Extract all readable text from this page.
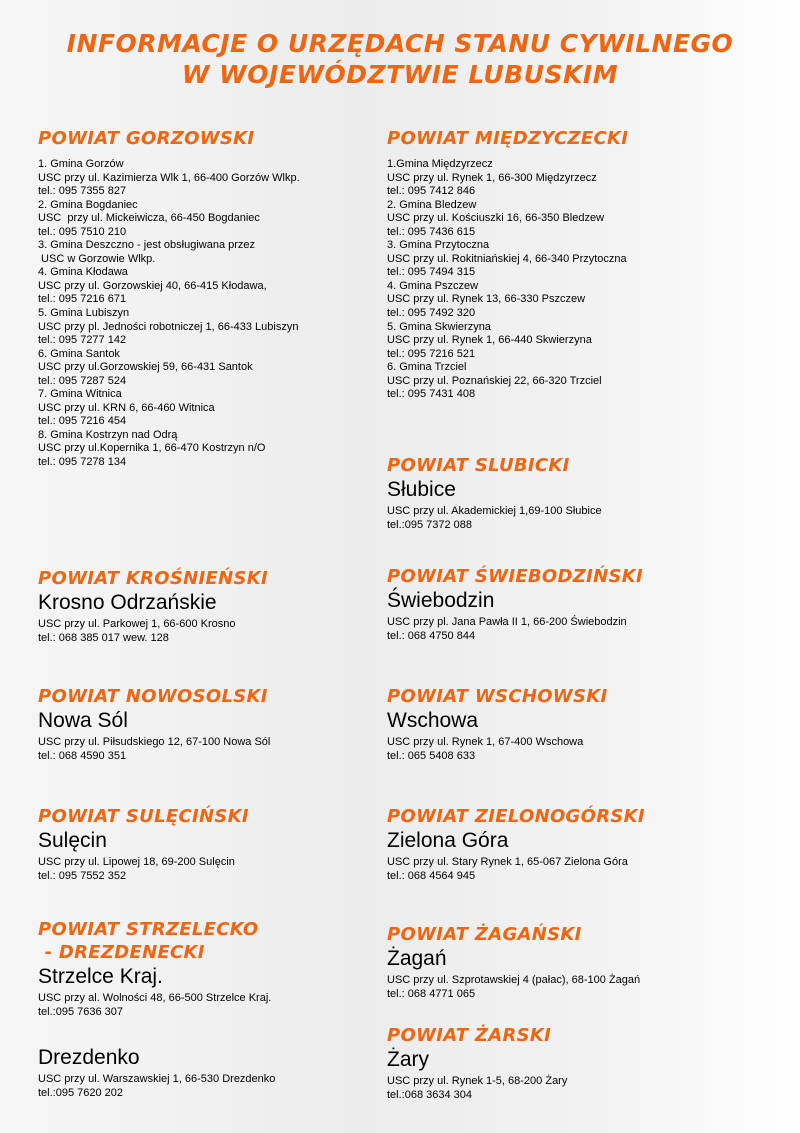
INFORMACJE O URZĘDACH STANU CYWILNEGO
W WOJEWÓDZTWIE LUBUSKIM
POWIAT GORZOWSKI
1. Gmina Gorzów
USC przy ul. Kazimierza Wlk 1, 66-400 Gorzów Wlkp.
tel.: 095 7355 827
2. Gmina Bogdaniec
USC  przy ul. Mickeiwicza, 66-450 Bogdaniec
tel.: 095 7510 210
3. Gmina Deszczno - jest obsługiwana przez
USC w Gorzowie Wlkp.
4. Gmina Kłodawa
USC przy ul. Gorzowskiej 40, 66-415 Kłodawa,
tel.: 095 7216 671
5. Gmina Lubiszyn
USC przy pl. Jedności robotniczej 1, 66-433 Lubiszyn
tel.: 095 7277 142
6. Gmina Santok
USC przy ul.Gorzowskiej 59, 66-431 Santok
tel.: 095 7287 524
7. Gmina Witnica
USC przy ul. KRN 6, 66-460 Witnica
tel.: 095 7216 454
8. Gmina Kostrzyn nad Odrą
USC przy ul.Kopernika 1, 66-470 Kostrzyn n/O
tel.: 095 7278 134
POWIAT KROŚNIEŃSKI
Krosno Odrzańskie
USC przy ul. Parkowej 1, 66-600 Krosno
tel.: 068 385 017 wew. 128
POWIAT NOWOSOLSKI
Nowa Sól
USC przy ul. Piłsudskiego 12, 67-100 Nowa Sól
tel.: 068 4590 351
POWIAT SULĘCIŃSKI
Sulęcin
USC przy ul. Lipowej 18, 69-200 Sulęcin
tel.: 095 7552 352
POWIAT STRZELECKO
- DREZDENECKI
Strzelce Kraj.
USC przy al. Wolności 48, 66-500 Strzelce Kraj.
tel.:095 7636 307
Drezdenko
USC przy ul. Warszawskiej 1, 66-530 Drezdenko
tel.:095 7620 202
POWIAT MIĘDZYCZECKI
1.Gmina Międzyrzecz
USC przy ul. Rynek 1, 66-300 Międzyrzecz
tel.: 095 7412 846
2. Gmina Bledzew
USC przy ul. Kościuszki 16, 66-350 Bledzew
tel.: 095 7436 615
3. Gmina Przytoczna
USC przy ul. Rokitniańskiej 4, 66-340 Przytoczna
tel.: 095 7494 315
4. Gmina Pszczew
USC przy ul. Rynek 13, 66-330 Pszczew
tel.: 095 7492 320
5. Gmina Skwierzyna
USC przy ul. Rynek 1, 66-440 Skwierzyna
tel.: 095 7216 521
6. Gmina Trzciel
USC przy ul. Poznańskiej 22, 66-320 Trzciel
tel.: 095 7431 408
POWIAT SLUBICKI
Słubice
USC przy ul. Akademickiej 1,69-100 Słubice
tel.:095 7372 088
POWIAT ŚWIEBODZIŃSKI
Świebodzin
USC przy pl. Jana Pawła II 1, 66-200 Świebodzin
tel.: 068 4750 844
POWIAT WSCHOWSKI
Wschowa
USC przy ul. Rynek 1, 67-400 Wschowa
tel.: 065 5408 633
POWIAT ZIELONOGÓRSKI
Zielona Góra
USC przy ul. Stary Rynek 1, 65-067 Zielona Góra
tel.: 068 4564 945
POWIAT ŻAGAŃSKI
Żagań
USC przy ul. Szprotawskiej 4 (pałac), 68-100 Żagań
tel.: 068 4771 065
POWIAT ŻARSKI
Żary
USC przy ul. Rynek 1-5, 68-200 Żary
tel.:068 3634 304
